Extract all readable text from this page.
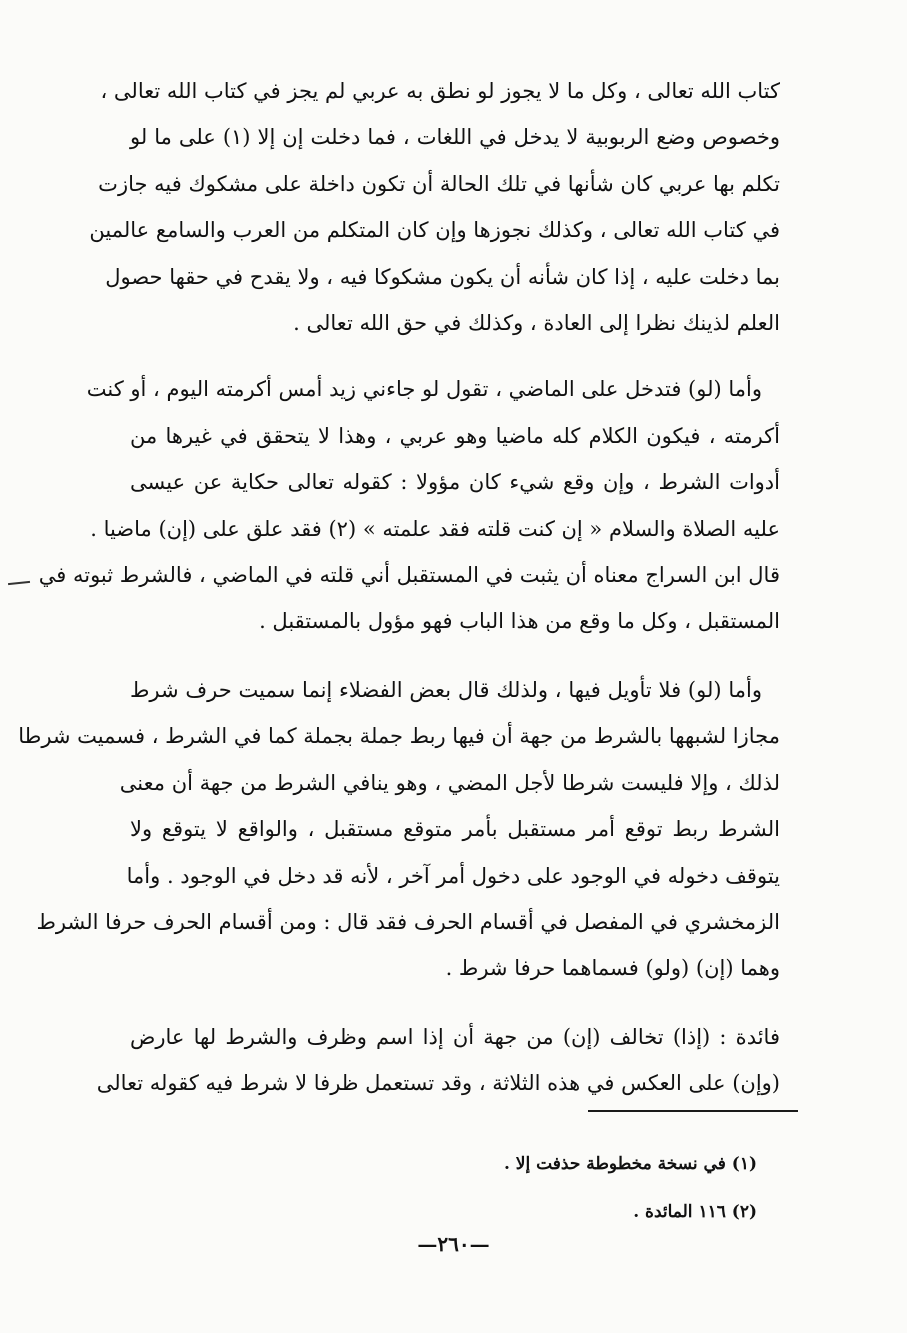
كتاب الله تعالى ، وكل ما لا يجوز لو نطق به عربي لم يجز في كتاب الله تعالى ،
وخصوص وضع الربوبية لا يدخل في اللغات ، فما دخلت إن إلا (١) على ما لو
تكلم بها عربي كان شأنها في تلك الحالة أن تكون داخلة على مشكوك فيه جازت
في كتاب الله تعالى ، وكذلك نجوزها وإن كان المتكلم من العرب والسامع عالمين
بما دخلت عليه ، إذا كان شأنه أن يكون مشكوكا فيه ، ولا يقدح في حقها حصول
العلم لذينك نظرا إلى العادة ، وكذلك في حق الله تعالى .

وأما (لو) فتدخل على الماضي ، تقول لو جاءني زيد أمس أكرمته اليوم ، أو كنت
أكرمته ، فيكون الكلام كله ماضيا وهو عربي ، وهذا لا يتحقق في غيرها من
أدوات الشرط ، وإن وقع شيء كان مؤولا : كقوله تعالى حكاية عن عيسى
عليه الصلاة والسلام « إن كنت قلته فقد علمته » (٢) فقد علق على (إن) ماضيا .
قال ابن السراج معناه أن يثبت في المستقبل أني قلته في الماضي ، فالشرط ثبوته في
المستقبل ، وكل ما وقع من هذا الباب فهو مؤول بالمستقبل .

وأما (لو) فلا تأويل فيها ، ولذلك قال بعض الفضلاء إنما سميت حرف شرط
مجازا لشبهها بالشرط من جهة أن فيها ربط جملة بجملة كما في الشرط ، فسميت شرطا
لذلك ، وإلا فليست شرطا لأجل المضي ، وهو ينافي الشرط من جهة أن معنى
الشرط ربط توقع أمر مستقبل بأمر متوقع مستقبل ، والواقع لا يتوقع ولا
يتوقف دخوله في الوجود على دخول أمر آخر ، لأنه قد دخل في الوجود . وأما
الزمخشري في المفصل في أقسام الحرف فقد قال : ومن أقسام الحرف حرفا الشرط
وهما (إن) (ولو) فسماهما حرفا شرط .

فائدة : (إذا) تخالف (إن) من جهة أن إذا اسم وظرف والشرط لها عارض
(وإن) على العكس في هذه الثلاثة ، وقد تستعمل ظرفا لا شرط فيه كقوله تعالى

(١) في نسخة مخطوطة حذفت إلا .
(٢) ١١٦ المائدة .
—٢٦٠—
